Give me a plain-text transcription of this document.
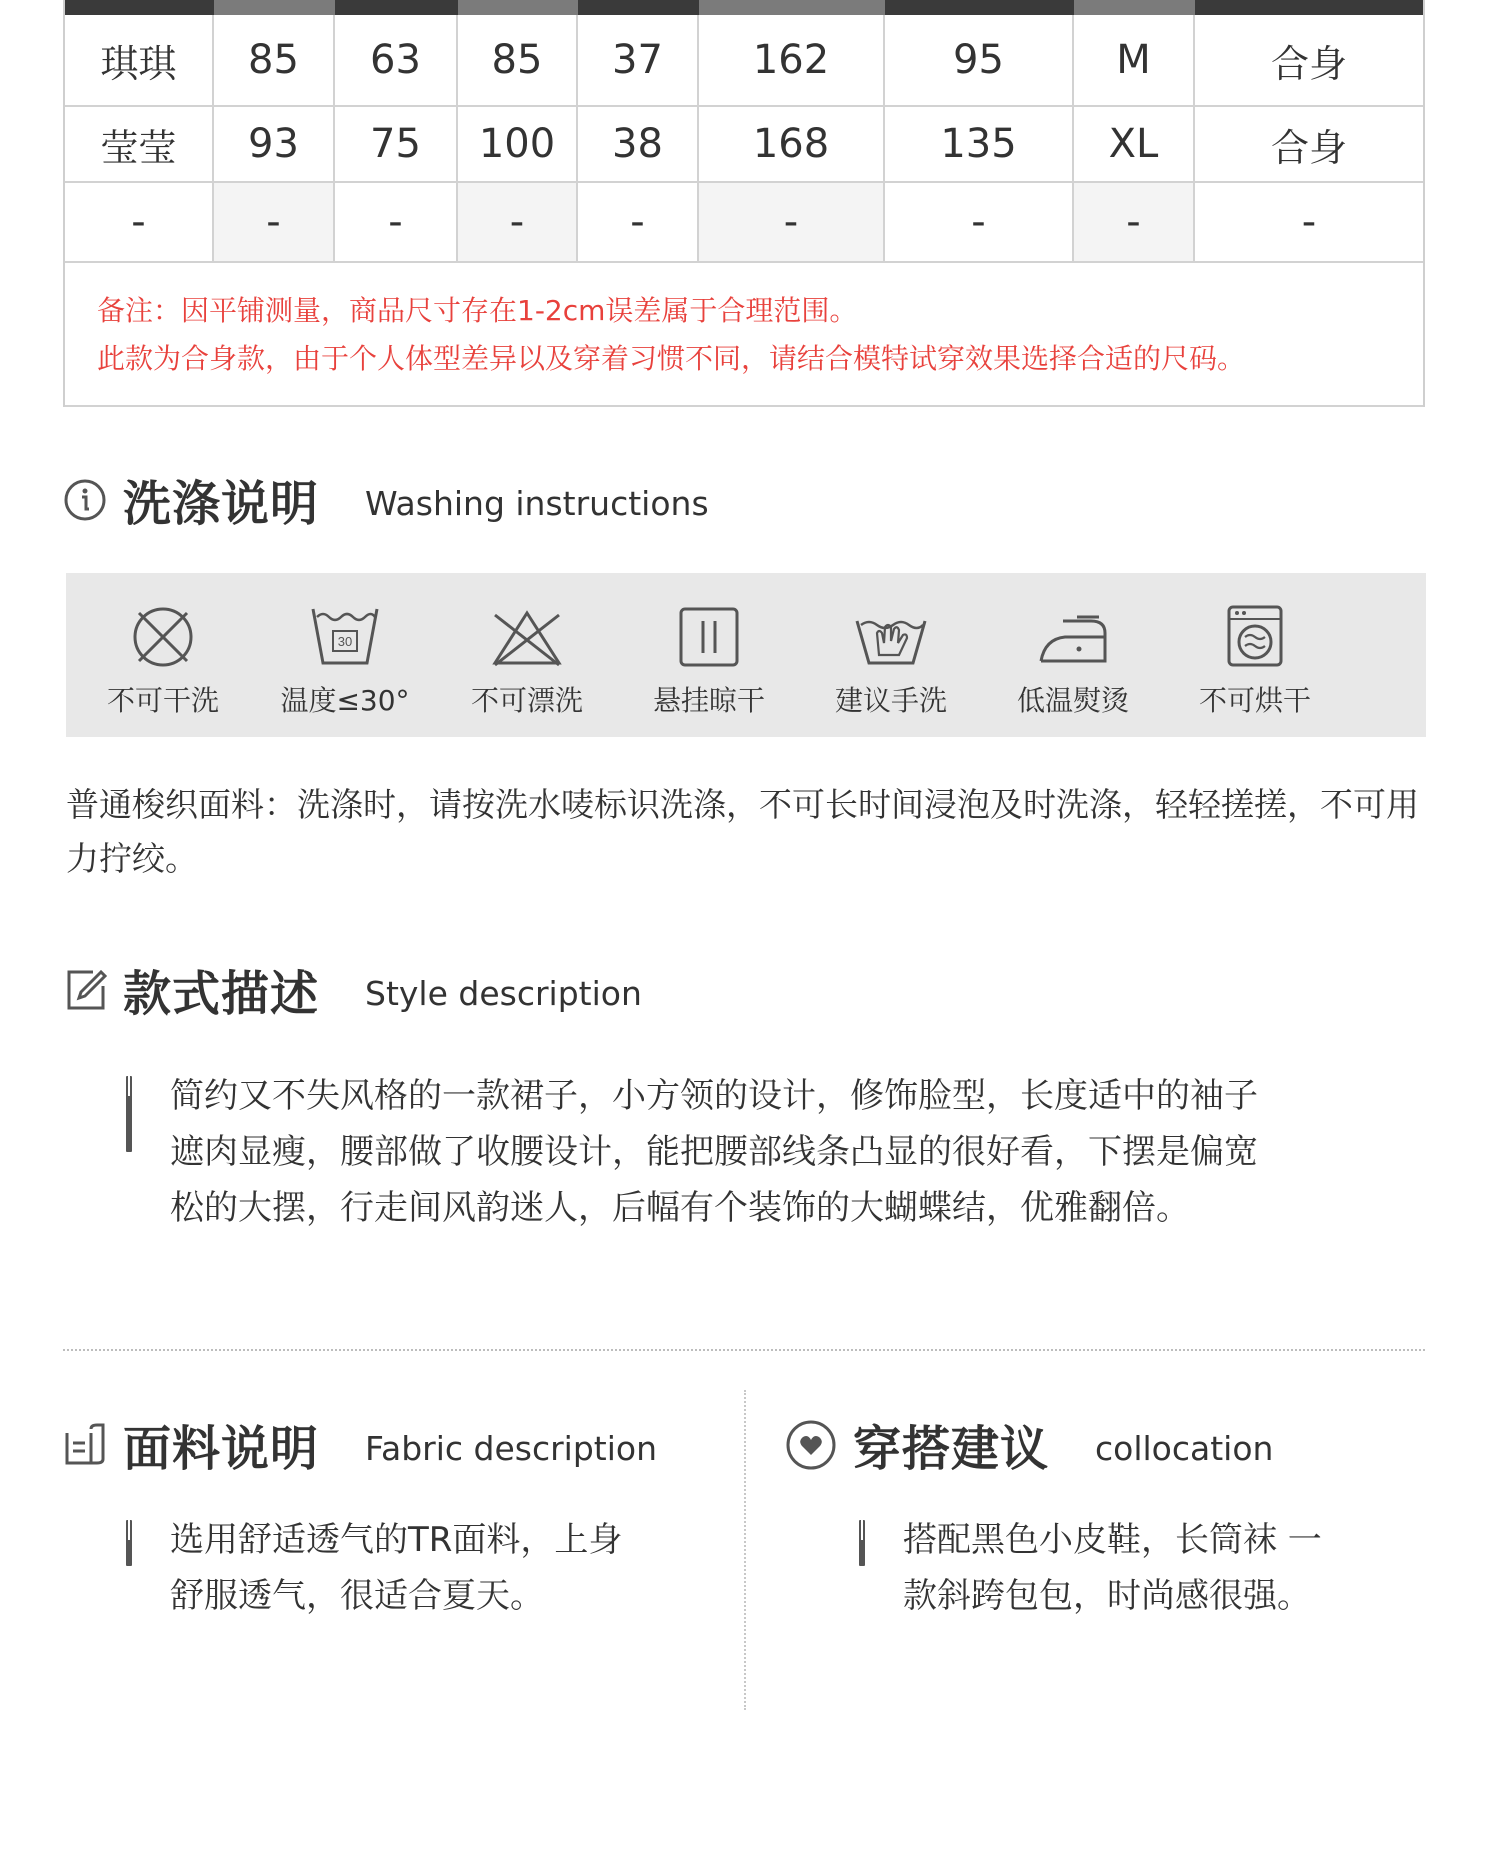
琪琪	85	63	85	37	162	95	M	合身
莹莹	93	75	100	38	168	135	XL	合身
-	-	-	-	-	-	-	-	-
备注：因平铺测量，商品尺寸存在1-2cm误差属于合理范围。
此款为合身款，由于个人体型差异以及穿着习惯不同，请结合模特试穿效果选择合适的尺码。
洗涤说明 Washing instructions
不可干洗
30
温度≤30° 不可漂洗 悬挂晾干 建议手洗 低温熨烫 不可烘干
普通梭织面料：洗涤时，请按洗水唛标识洗涤，不可长时间浸泡及时洗涤，轻轻搓搓，不可用力拧绞。
款式描述 Style description
简约又不失风格的一款裙子，小方领的设计，修饰脸型，长度适中的袖子
遮肉显瘦，腰部做了收腰设计，能把腰部线条凸显的很好看，下摆是偏宽
松的大摆，行走间风韵迷人，后幅有个装饰的大蝴蝶结，优雅翻倍。
面料说明 Fabric description
选用舒适透气的TR面料，上身
舒服透气，很适合夏天。
穿搭建议 collocation
搭配黑色小皮鞋，长筒袜 一
款斜跨包包，时尚感很强。
